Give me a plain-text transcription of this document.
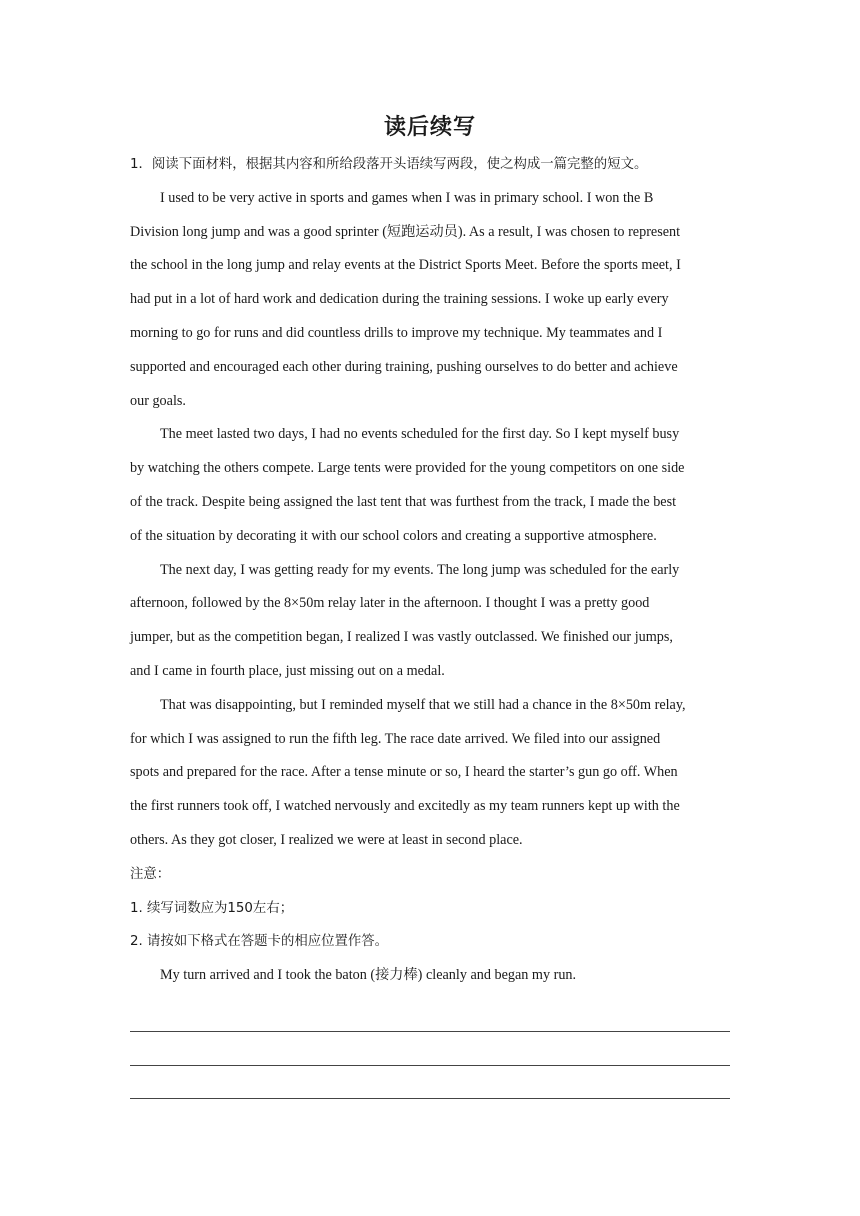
读后续写

1．阅读下面材料，根据其内容和所给段落开头语续写两段，使之构成一篇完整的短文。

I used to be very active in sports and games when I was in primary school. I won the B

Division long jump and was a good sprinter (短跑运动员). As a result, I was chosen to represent

the school in the long jump and relay events at the District Sports Meet. Before the sports meet, I

had put in a lot of hard work and dedication during the training sessions. I woke up early every

morning to go for runs and did countless drills to improve my technique. My teammates and I

supported and encouraged each other during training, pushing ourselves to do better and achieve

our goals.

The meet lasted two days, I had no events scheduled for the first day. So I kept myself busy

by watching the others compete. Large tents were provided for the young competitors on one side

of the track. Despite being assigned the last tent that was furthest from the track, I made the best

of the situation by decorating it with our school colors and creating a supportive atmosphere.

The next day, I was getting ready for my events. The long jump was scheduled for the early

afternoon, followed by the 8×50m relay later in the afternoon. I thought I was a pretty good

jumper, but as the competition began, I realized I was vastly outclassed. We finished our jumps,

and I came in fourth place, just missing out on a medal.

That was disappointing, but I reminded myself that we still had a chance in the 8×50m relay,

for which I was assigned to run the fifth leg. The race date arrived. We filed into our assigned

spots and prepared for the race. After a tense minute or so, I heard the starter’s gun go off. When

the first runners took off, I watched nervously and excitedly as my team runners kept up with the

others. As they got closer, I realized we were at least in second place.

注意：

1. 续写词数应为150左右；

2. 请按如下格式在答题卡的相应位置作答。

My turn arrived and I took the baton (接力棒) cleanly and began my run.
